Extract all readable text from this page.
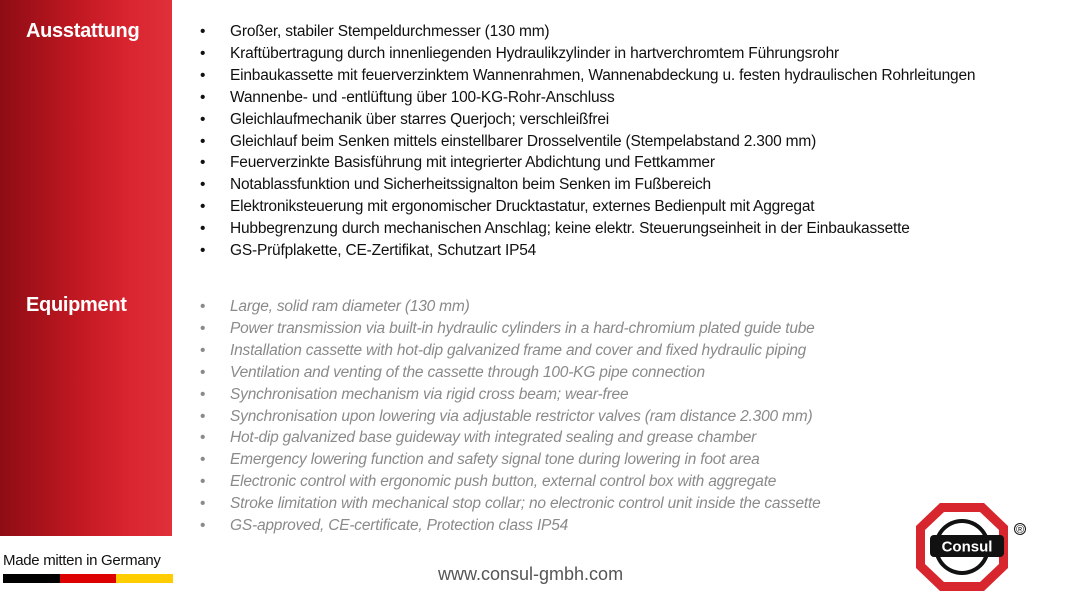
Ausstattung
Equipment
• Großer, stabiler Stempeldurchmesser (130 mm)
• Kraftübertragung durch innenliegenden Hydraulikzylinder in hartverchromtem Führungsrohr
• Einbaukassette mit feuerverzinktem Wannenrahmen, Wannenabdeckung u. festen hydraulischen Rohrleitungen
• Wannenbe- und -entlüftung über 100-KG-Rohr-Anschluss
• Gleichlaufmechanik über starres Querjoch; verschleißfrei
• Gleichlauf beim Senken mittels einstellbarer Drosselventile (Stempelabstand 2.300 mm)
• Feuerverzinkte Basisführung mit integrierter Abdichtung und Fettkammer
• Notablassfunktion und Sicherheitssignalton beim Senken im Fußbereich
• Elektroniksteuerung mit ergonomischer Drucktastatur, externes Bedienpult mit Aggregat
• Hubbegrenzung durch mechanischen Anschlag; keine elektr. Steuerungseinheit in der Einbaukassette
• GS-Prüfplakette, CE-Zertifikat, Schutzart IP54
• Large, solid ram diameter (130 mm)
• Power transmission via built-in hydraulic cylinders in a hard-chromium plated guide tube
• Installation cassette with hot-dip galvanized frame and cover and fixed hydraulic piping
• Ventilation and venting of the cassette through 100-KG pipe connection
• Synchronisation mechanism via rigid cross beam; wear-free
• Synchronisation upon lowering via adjustable restrictor valves (ram distance 2.300 mm)
• Hot-dip galvanized base guideway with integrated sealing and grease chamber
• Emergency lowering function and safety signal tone during lowering in foot area
• Electronic control with ergonomic push button, external control box with aggregate
• Stroke limitation with mechanical stop collar; no electronic control unit inside the cassette
• GS-approved, CE-certificate, Protection class IP54
Made mitten in Germany
www.consul-gmbh.com
Consul
®
